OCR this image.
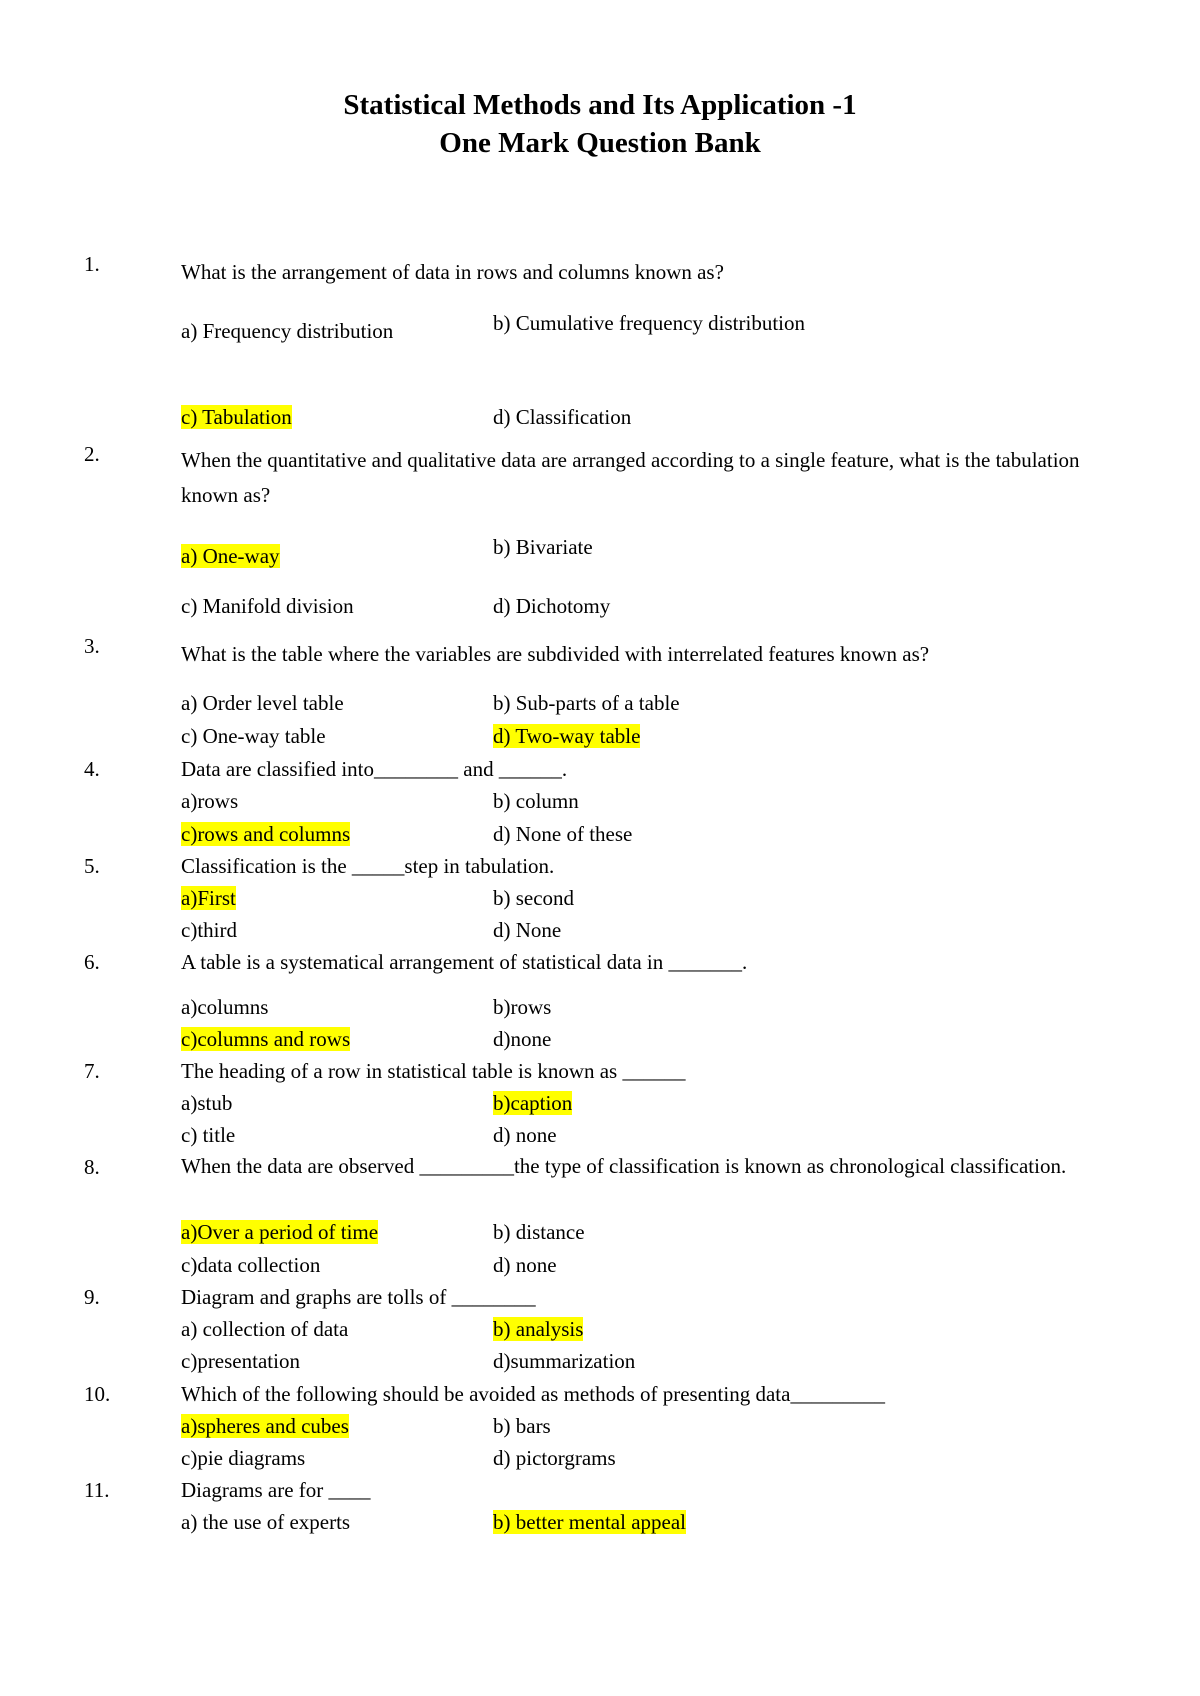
Statistical Methods and Its Application -1
One Mark Question Bank
1.	What is the arrangement of data in rows and columns known as?
a) Frequency distribution	b) Cumulative frequency distribution
c) Tabulation	d) Classification
2.	When the quantitative and qualitative data are arranged according to a single feature, what is the tabulation known as?
a) One-way	b) Bivariate
c) Manifold division	d) Dichotomy
3.	What is the table where the variables are subdivided with interrelated features known as?
a) Order level table	b) Sub-parts of a table
c) One-way table	d) Two-way table
4.	Data are classified into________ and ______.
a)rows	b) column
c)rows and columns	d) None of these
5.	Classification is the _____step in tabulation.
a)First	b) second
c)third	d) None
6.	A table is a systematical arrangement of statistical data in _______.
a)columns	b)rows
c)columns and rows	d)none
7.	The heading of a row in statistical table is known as ______
a)stub	b)caption
c) title	d) none
8.	When the data are observed _________the type of classification is known as chronological classification.
a)Over a period of time	b) distance
c)data collection	d) none
9.	Diagram and graphs are tolls of ________
a) collection of data	b) analysis
c)presentation	d)summarization
10.	Which of the following should be avoided as methods of presenting data_________
a)spheres and cubes	b) bars
c)pie diagrams	d) pictorgrams
11.	Diagrams are for ____
a) the use of experts	b) better mental appeal
